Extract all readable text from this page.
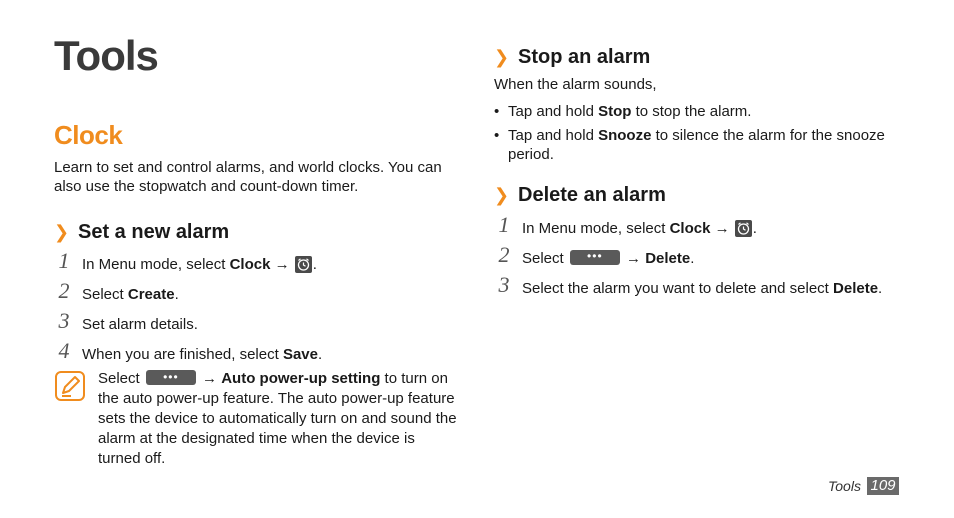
Tools
Clock

Learn to set and control alarms, and world clocks. You can also use the stopwatch and count-down timer.

❯ Set a new alarm
1 In Menu mode, select Clock →
.
2 Select Create.
3 Set alarm details.
4 When you are finished, select Save.
Select	•••	→ Auto power-up setting to turn on the auto power-up feature. The auto power-up feature sets the device to automatically turn on and sound the alarm at the designated time when the device is turned off.
❯ Stop an alarm
When the alarm sounds,
• Tap and hold Stop to stop the alarm.
• Tap and hold Snooze to silence the alarm for the snooze period.
❯ Delete an alarm
1 In Menu mode, select Clock →
.
2 Select	•••	→ Delete.
3 Select the alarm you want to delete and select Delete.
Tools 109
